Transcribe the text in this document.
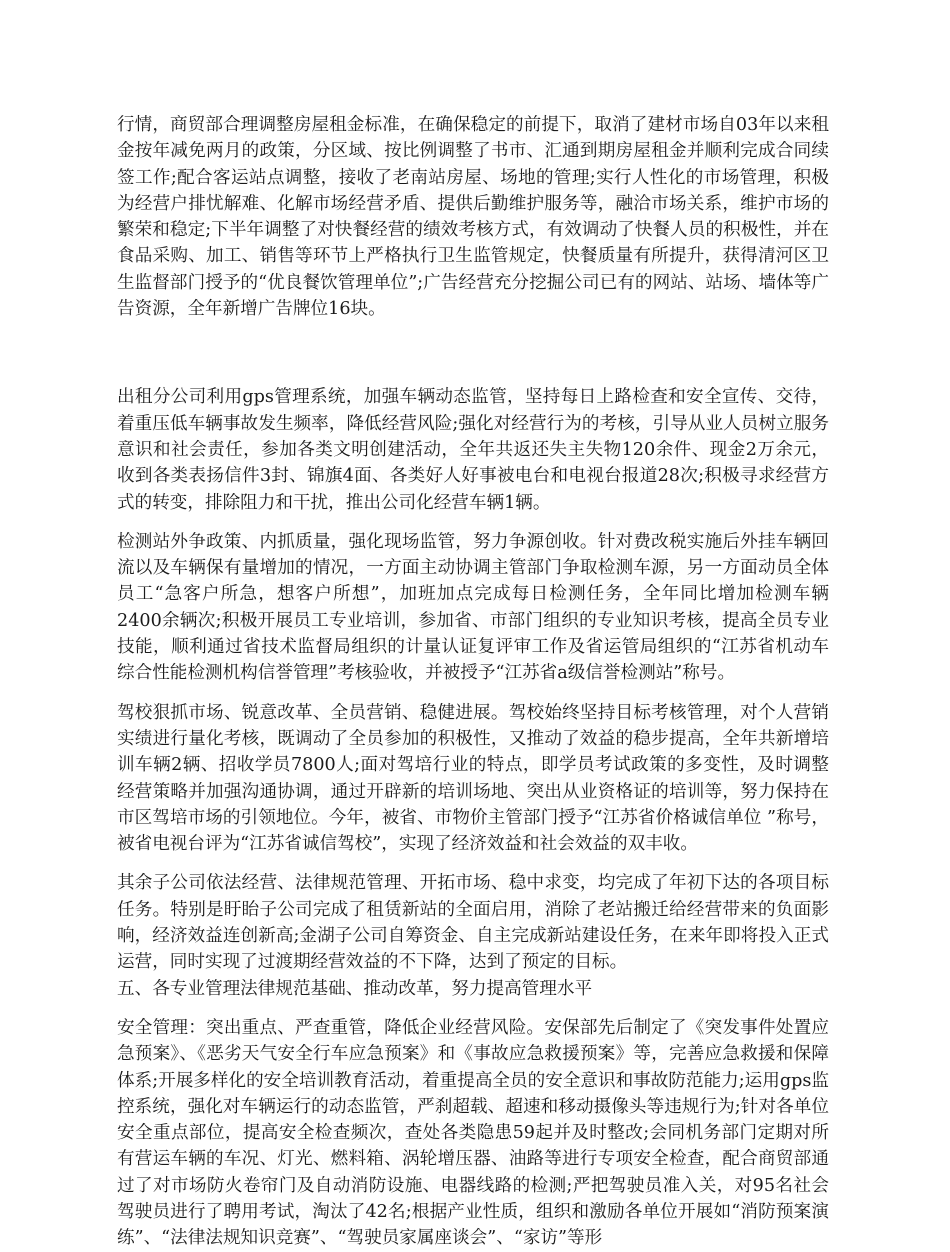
行情，商贸部合理调整房屋租金标准，在确保稳定的前提下，取消了建材市场自03年以来租金按年减免两月的政策，分区域、按比例调整了书市、汇通到期房屋租金并顺利完成合同续签工作;配合客运站点调整，接收了老南站房屋、场地的管理;实行人性化的市场管理，积极为经营户排忧解难、化解市场经营矛盾、提供后勤维护服务等，融洽市场关系，维护市场的繁荣和稳定;下半年调整了对快餐经营的绩效考核方式，有效调动了快餐人员的积极性，并在食品采购、加工、销售等环节上严格执行卫生监管规定，快餐质量有所提升，获得清河区卫生监督部门授予的“优良餐饮管理单位”;广告经营充分挖掘公司已有的网站、站场、墙体等广告资源，全年新增广告牌位16块。

出租分公司利用gps管理系统，加强车辆动态监管，坚持每日上路检查和安全宣传、交待，着重压低车辆事故发生频率，降低经营风险;强化对经营行为的考核，引导从业人员树立服务意识和社会责任，参加各类文明创建活动，全年共返还失主失物120余件、现金2万余元，收到各类表扬信件3封、锦旗4面、各类好人好事被电台和电视台报道28次;积极寻求经营方式的转变，排除阻力和干扰，推出公司化经营车辆1辆。

检测站外争政策、内抓质量，强化现场监管，努力争源创收。针对费改税实施后外挂车辆回流以及车辆保有量增加的情况，一方面主动协调主管部门争取检测车源，另一方面动员全体员工“急客户所急，想客户所想”，加班加点完成每日检测任务，全年同比增加检测车辆2400余辆次;积极开展员工专业培训，参加省、市部门组织的专业知识考核，提高全员专业技能，顺利通过省技术监督局组织的计量认证复评审工作及省运管局组织的“江苏省机动车综合性能检测机构信誉管理”考核验收，并被授予“江苏省a级信誉检测站”称号。

驾校狠抓市场、锐意改革、全员营销、稳健进展。驾校始终坚持目标考核管理，对个人营销实绩进行量化考核，既调动了全员参加的积极性，又推动了效益的稳步提高，全年共新增培训车辆2辆、招收学员7800人;面对驾培行业的特点，即学员考试政策的多变性，及时调整经营策略并加强沟通协调，通过开辟新的培训场地、突出从业资格证的培训等，努力保持在市区驾培市场的引领地位。今年，被省、市物价主管部门授予“江苏省价格诚信单位 ”称号，被省电视台评为“江苏省诚信驾校”，实现了经济效益和社会效益的双丰收。

其余子公司依法经营、法律规范管理、开拓市场、稳中求变，均完成了年初下达的各项目标任务。特别是盱眙子公司完成了租赁新站的全面启用，消除了老站搬迁给经营带来的负面影响，经济效益连创新高;金湖子公司自筹资金、自主完成新站建设任务，在来年即将投入正式运营，同时实现了过渡期经营效益的不下降，达到了预定的目标。

五、各专业管理法律规范基础、推动改革，努力提高管理水平

安全管理：突出重点、严查重管，降低企业经营风险。安保部先后制定了《突发事件处置应急预案》、《恶劣天气安全行车应急预案》和《事故应急救援预案》等，完善应急救援和保障体系;开展多样化的安全培训教育活动，着重提高全员的安全意识和事故防范能力;运用gps监控系统，强化对车辆运行的动态监管，严刹超载、超速和移动摄像头等违规行为;针对各单位安全重点部位，提高安全检查频次，查处各类隐患59起并及时整改;会同机务部门定期对所有营运车辆的车况、灯光、燃料箱、涡轮增压器、油路等进行专项安全检查，配合商贸部通过了对市场防火卷帘门及自动消防设施、电器线路的检测;严把驾驶员准入关，对95名社会驾驶员进行了聘用考试，淘汰了42名;根据产业性质，组织和激励各单位开展如“消防预案演练”、“法律法规知识竞赛”、“驾驶员家属座谈会”、“家访”等形
